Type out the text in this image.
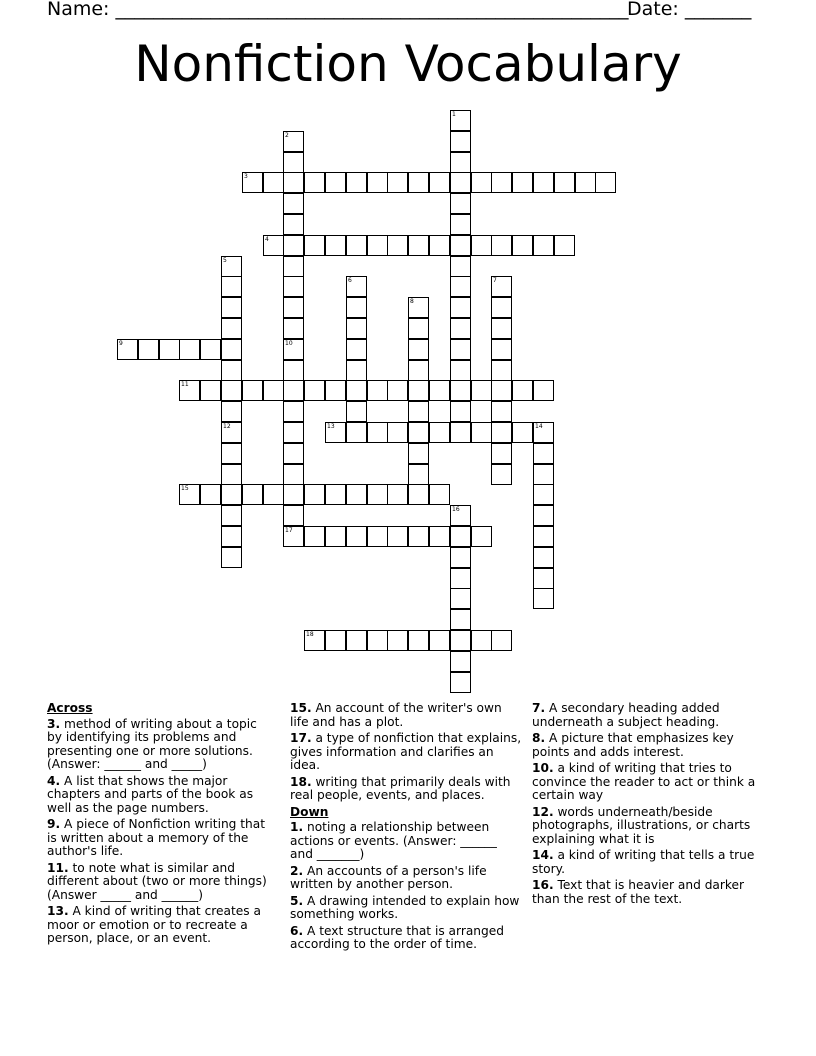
Name: ______________________________________________________
Date: _______
Nonfiction Vocabulary
3
4
9
11
13	14
15
17
18
1
2
5
6	7
8
10
12
16
Across
3. method of writing about a topic by identifying its problems and presenting one or more solutions. (Answer: ______ and _____)
4. A list that shows the major chapters and parts of the book as well as the page numbers.
9. A piece of Nonfiction writing that is written about a memory of the author's life.
11. to note what is similar and different about (two or more things) (Answer _____ and ______)
13. A kind of writing that creates a moor or emotion or to recreate a person, place, or an event.
15. An account of the writer's own life and has a plot.
17. a type of nonfiction that explains, gives information and clarifies an idea.
18. writing that primarily deals with real people, events, and places.
Down
1. noting a relationship between actions or events. (Answer: ______ and _______)
2. An accounts of a person's life written by another person.
5. A drawing intended to explain how something works.
6. A text structure that is arranged according to the order of time.
7. A secondary heading added underneath a subject heading.
8. A picture that emphasizes key points and adds interest.
10. a kind of writing that tries to convince the reader to act or think a certain way
12. words underneath/beside photographs, illustrations, or charts explaining what it is
14. a kind of writing that tells a true story.
16. Text that is heavier and darker than the rest of the text.
